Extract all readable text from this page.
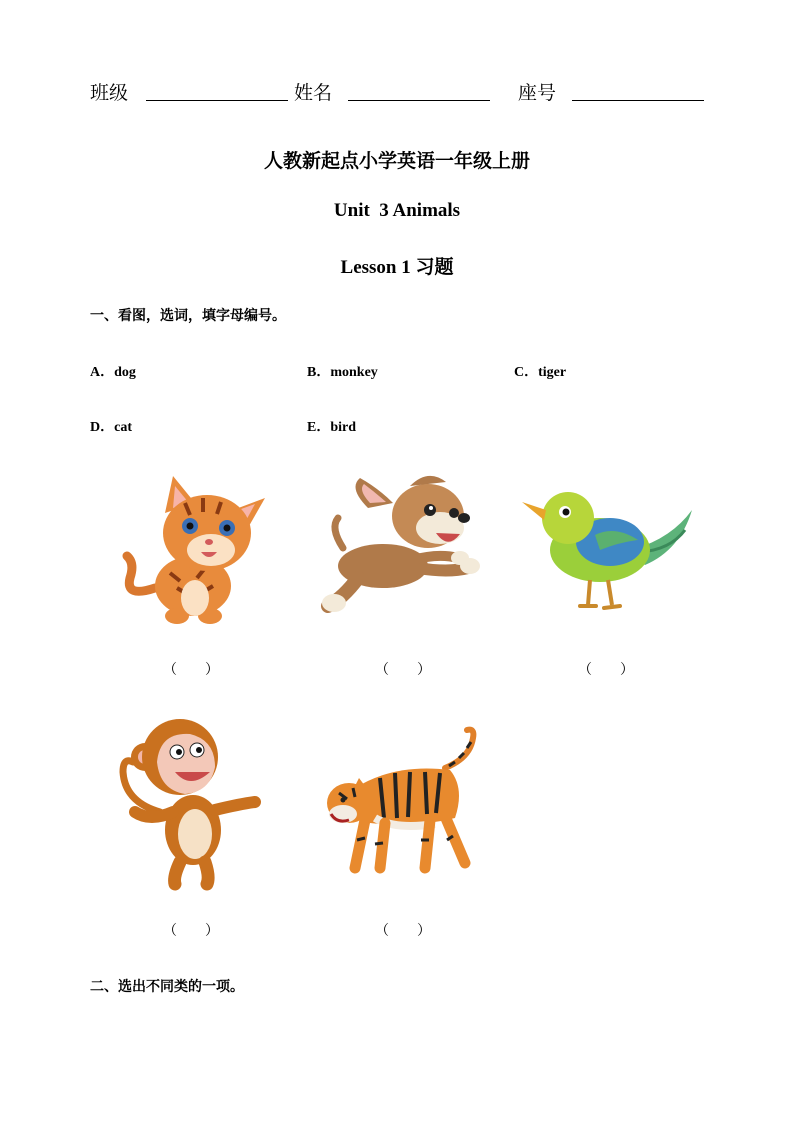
班级	姓名	座号
人教新起点小学英语一年级上册
Unit  3 Animals
Lesson 1 习题
一、看图，选词，填字母编号。
A．dog	B．monkey	C．tiger
D．cat	E．bird
（        ）	（        ）	（        ）
（        ）	（        ）
二、选出不同类的一项。
